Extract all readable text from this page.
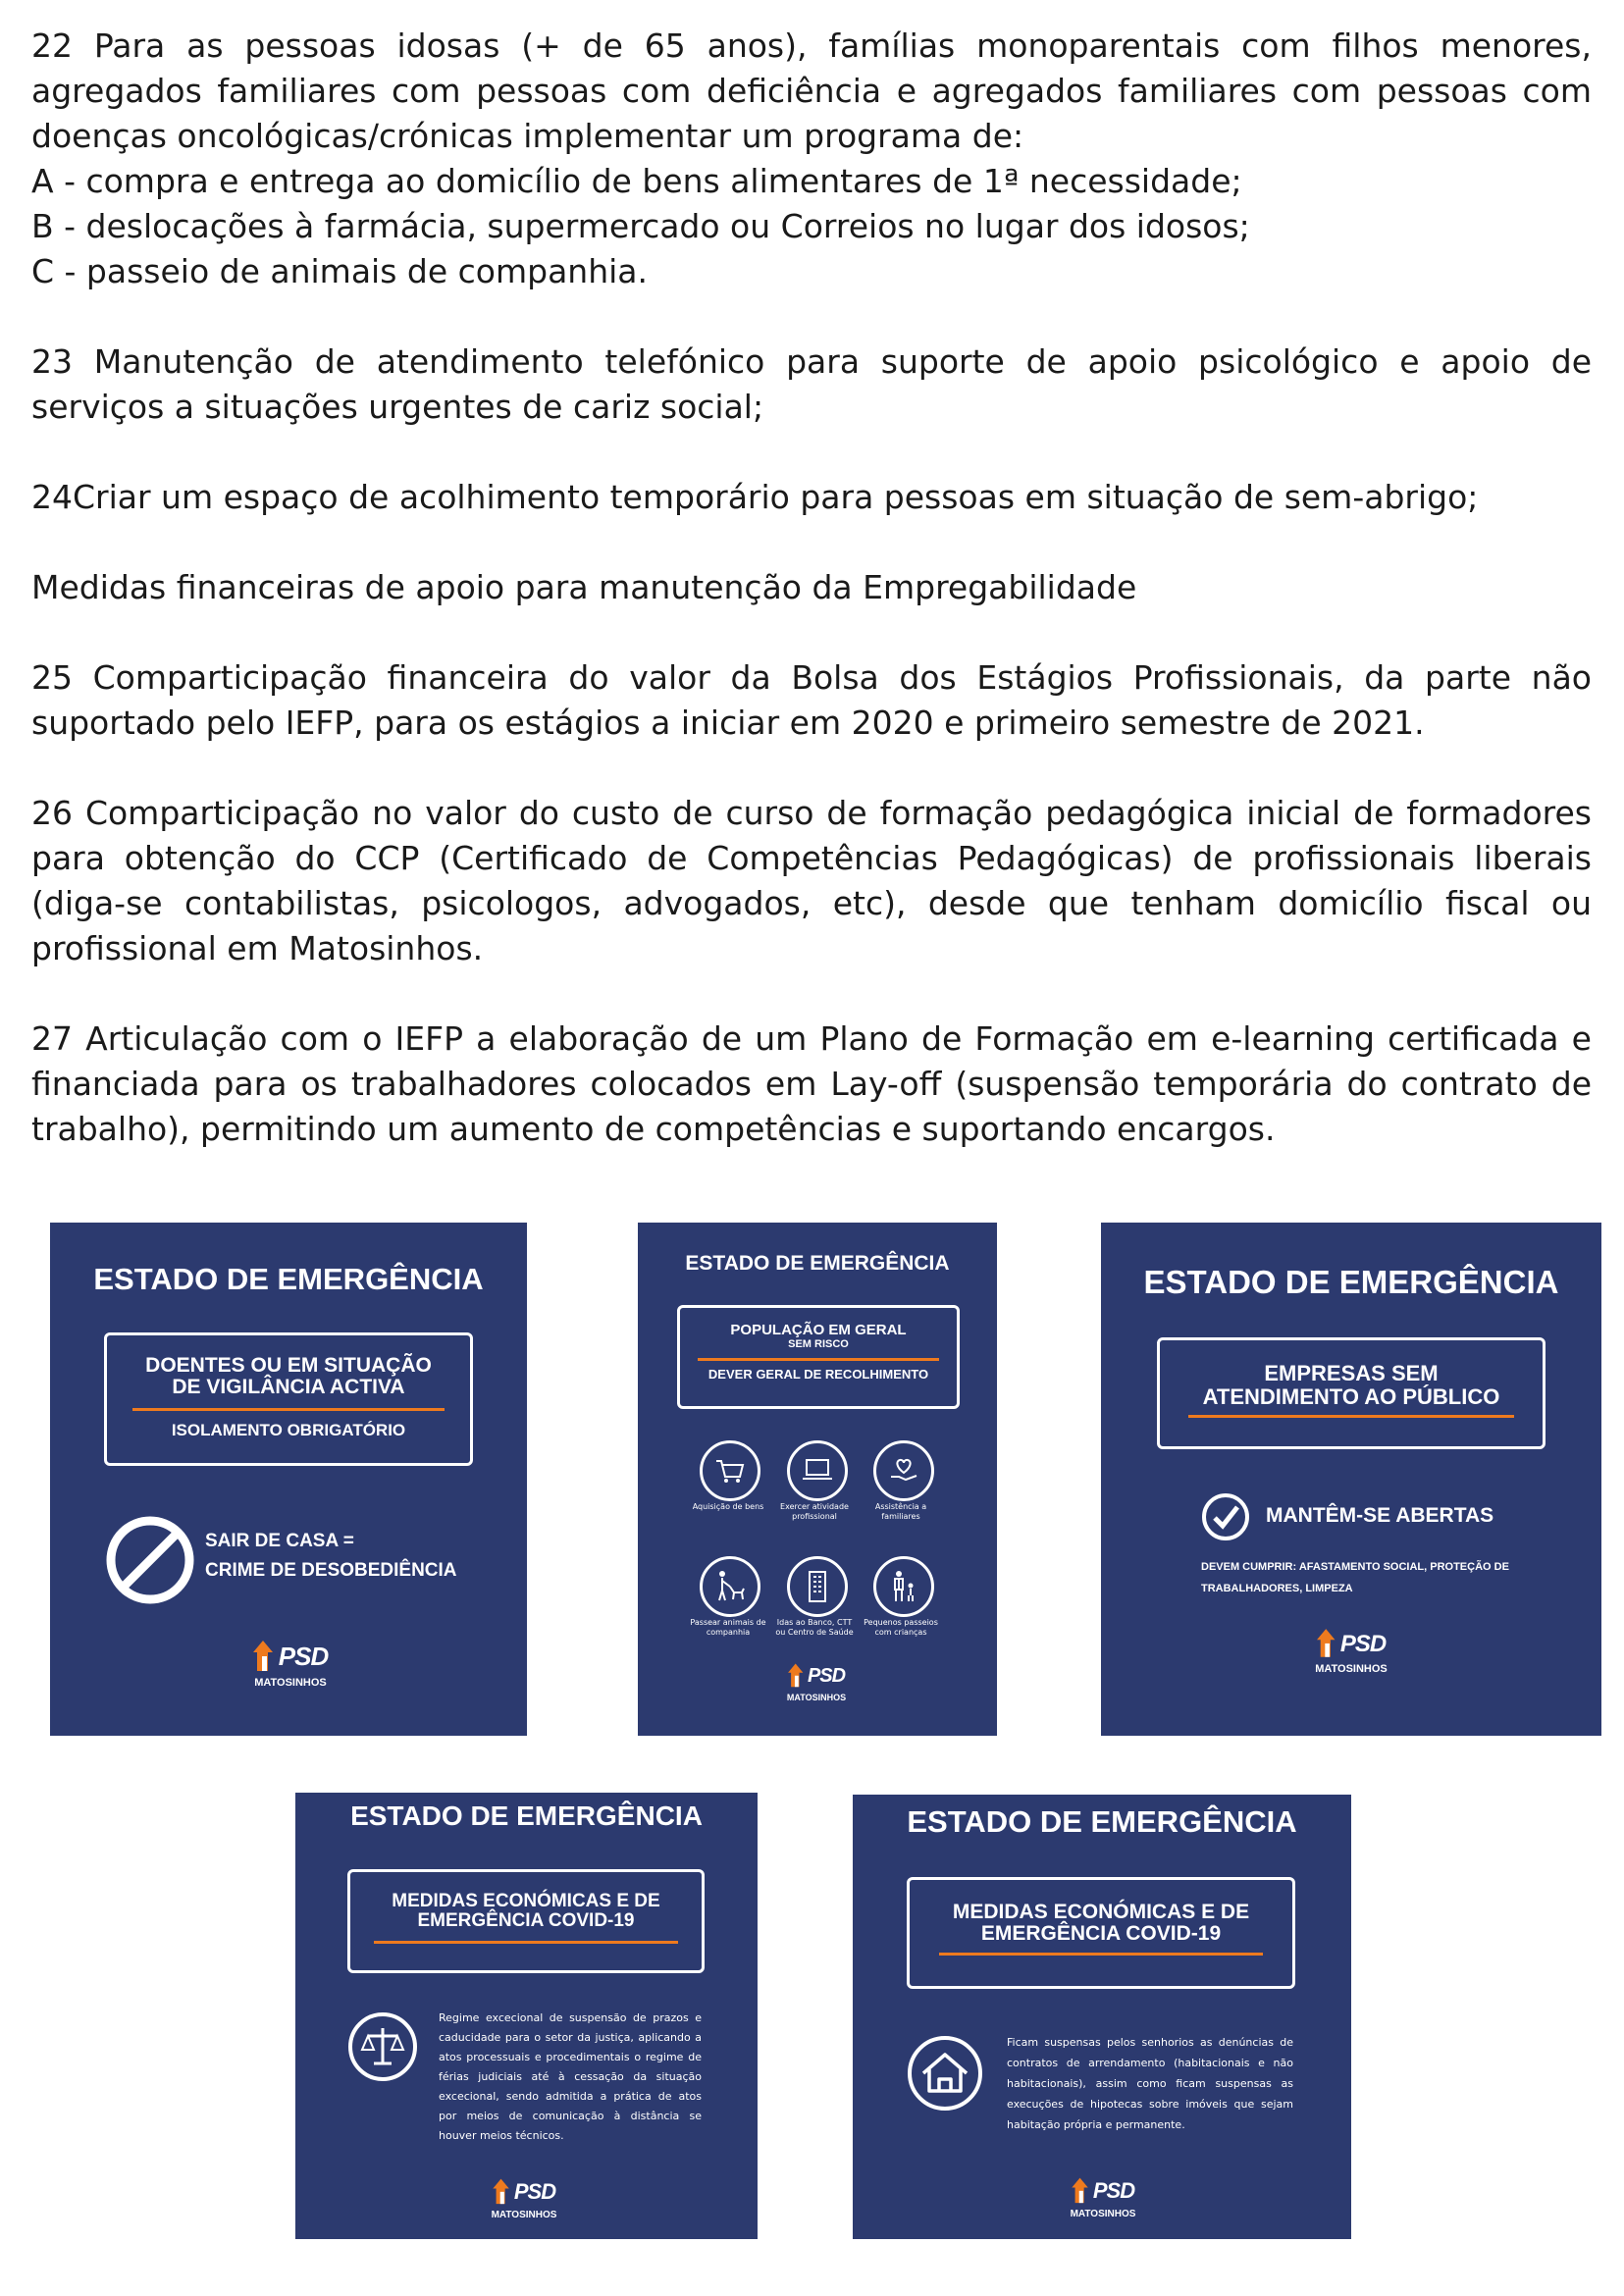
22 Para as pessoas idosas (+ de 65 anos), famílias monoparentais com filhos menores, agregados familiares com pessoas com deficiência e agregados familiares com pessoas com doenças oncológicas/crónicas implementar um programa de:
A - compra e entrega ao domicílio de bens alimentares de 1ª necessidade;
B - deslocações à farmácia, supermercado ou Correios no lugar dos idosos;
C - passeio de animais de companhia.

23 Manutenção de atendimento telefónico para suporte de apoio psicológico e apoio de serviços a situações urgentes de cariz social;

24Criar um espaço de acolhimento temporário para pessoas em situação de sem-abrigo;

Medidas financeiras de apoio para manutenção da Empregabilidade

25 Comparticipação financeira do valor da Bolsa dos Estágios Profissionais, da parte não suportado pelo IEFP, para os estágios a iniciar em 2020 e primeiro semestre de 2021.

26 Comparticipação no valor do custo de curso de formação pedagógica inicial de formadores para obtenção do CCP (Certificado de Competências Pedagógicas) de profissionais liberais (diga-se contabilistas, psicologos, advogados, etc), desde que tenham domicílio fiscal ou profissional em Matosinhos.

27 Articulação com o IEFP a elaboração de um Plano de Formação em e-learning certificada e financiada para os trabalhadores colocados em Lay-off (suspensão temporária do contrato de trabalho), permitindo um aumento de competências e suportando encargos.

ESTADO DE EMERGÊNCIA
DOENTES OU EM SITUAÇÃO
DE VIGILÂNCIA ACTIVA
ISOLAMENTO OBRIGATÓRIO
SAIR DE CASA =
CRIME DE DESOBEDIÊNCIA
PSD
MATOSINHOS
ESTADO DE EMERGÊNCIA
POPULAÇÃO EM GERAL
SEM RISCO
DEVER GERAL DE RECOLHIMENTO
Aquisição de bens	Exercer atividade profissional
Assistência a familiares
Passear animais de companhia
Idas ao Banco, CTT ou Centro de Saúde
Pequenos passeios com crianças
PSD
MATOSINHOS
ESTADO DE EMERGÊNCIA
EMPRESAS SEM
ATENDIMENTO AO PÚBLICO
MANTÊM-SE ABERTAS
DEVEM CUMPRIR: AFASTAMENTO SOCIAL, PROTEÇÃO DE
TRABALHADORES, LIMPEZA
PSD
MATOSINHOS
ESTADO DE EMERGÊNCIA
MEDIDAS ECONÓMICAS E DE
EMERGÊNCIA COVID-19
Regime excecional de suspensão de prazos e caducidade para o setor da justiça, aplicando a atos processuais e procedimentais o regime de férias judiciais até à cessação da situação excecional, sendo admitida a prática de atos por meios de comunicação à distância se houver meios técnicos.
PSD
MATOSINHOS
ESTADO DE EMERGÊNCIA
MEDIDAS ECONÓMICAS E DE
EMERGÊNCIA COVID-19
Ficam suspensas pelos senhorios as denúncias de contratos de arrendamento (habitacionais e não habitacionais), assim como ficam suspensas as execuções de hipotecas sobre imóveis que sejam habitação própria e permanente.
PSD
MATOSINHOS
